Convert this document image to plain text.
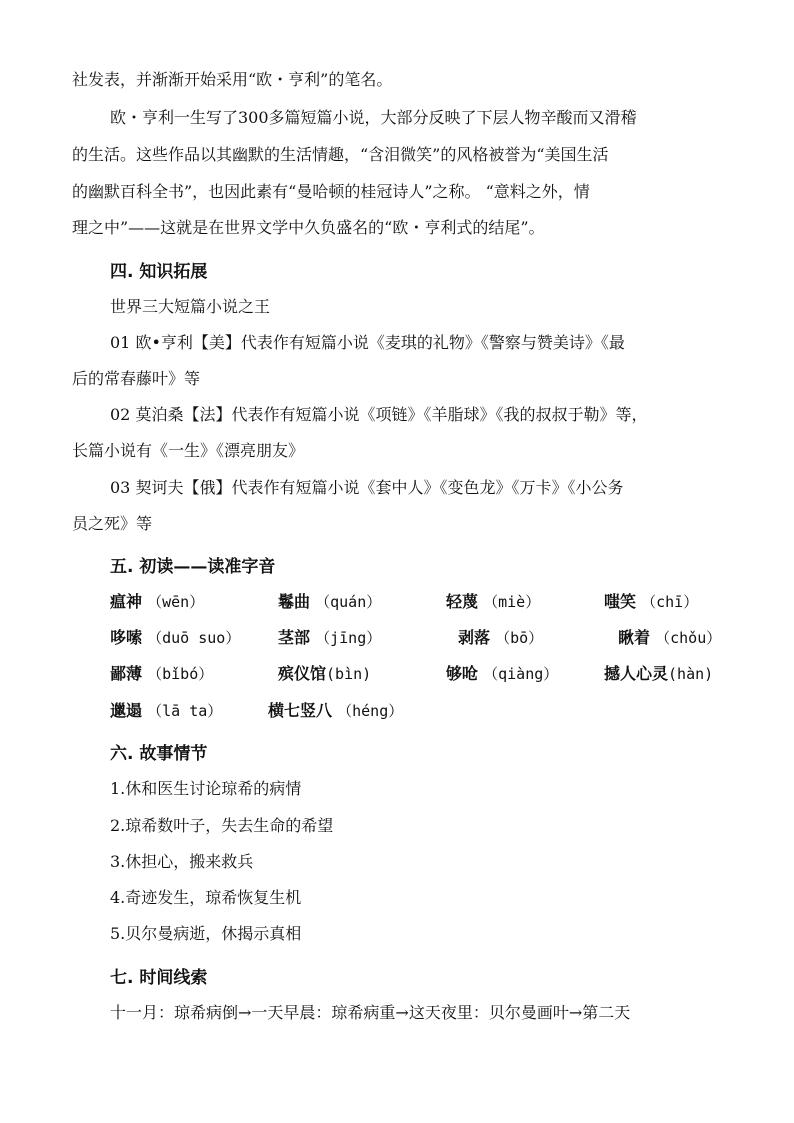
社发表，并渐渐开始采用“欧・亨利”的笔名。
欧・亨利一生写了300多篇短篇小说，大部分反映了下层人物辛酸而又滑稽
的生活。这些作品以其幽默的生活情趣，“含泪微笑”的风格被誉为“美国生活
的幽默百科全书”，也因此素有“曼哈顿的桂冠诗人”之称。 “意料之外，情
理之中”——这就是在世界文学中久负盛名的“欧・亨利式的结尾”。
四. 知识拓展
世界三大短篇小说之王
01 欧•亨利【美】代表作有短篇小说《麦琪的礼物》《警察与赞美诗》《最
后的常春藤叶》等
02 莫泊桑【法】代表作有短篇小说《项链》《羊脂球》《我的叔叔于勒》等，
长篇小说有《一生》《漂亮朋友》
03 契诃夫【俄】代表作有短篇小说《套中人》《变色龙》《万卡》《小公务
员之死》等
五. 初读——读准字音
瘟神 （wēn）	鬈曲 （quán）	轻蔑 （miè）	嗤笑 （chī）
哆嗦 （duō suo） 茎部 （jīng）	剥落 （bō）	瞅着 （chǒu）
鄙薄 （bǐbó）	殡仪馆(bìn)	够呛 （qiàng）	撼人心灵(hàn)
邋遢 （lā ta）	横七竖八 （héng）
六. 故事情节
1.休和医生讨论琼希的病情
2.琼希数叶子，失去生命的希望
3.休担心，搬来救兵
4.奇迹发生，琼希恢复生机
5.贝尔曼病逝，休揭示真相
七. 时间线索
十一月：琼希病倒→一天早晨：琼希病重→这天夜里：贝尔曼画叶→第二天
